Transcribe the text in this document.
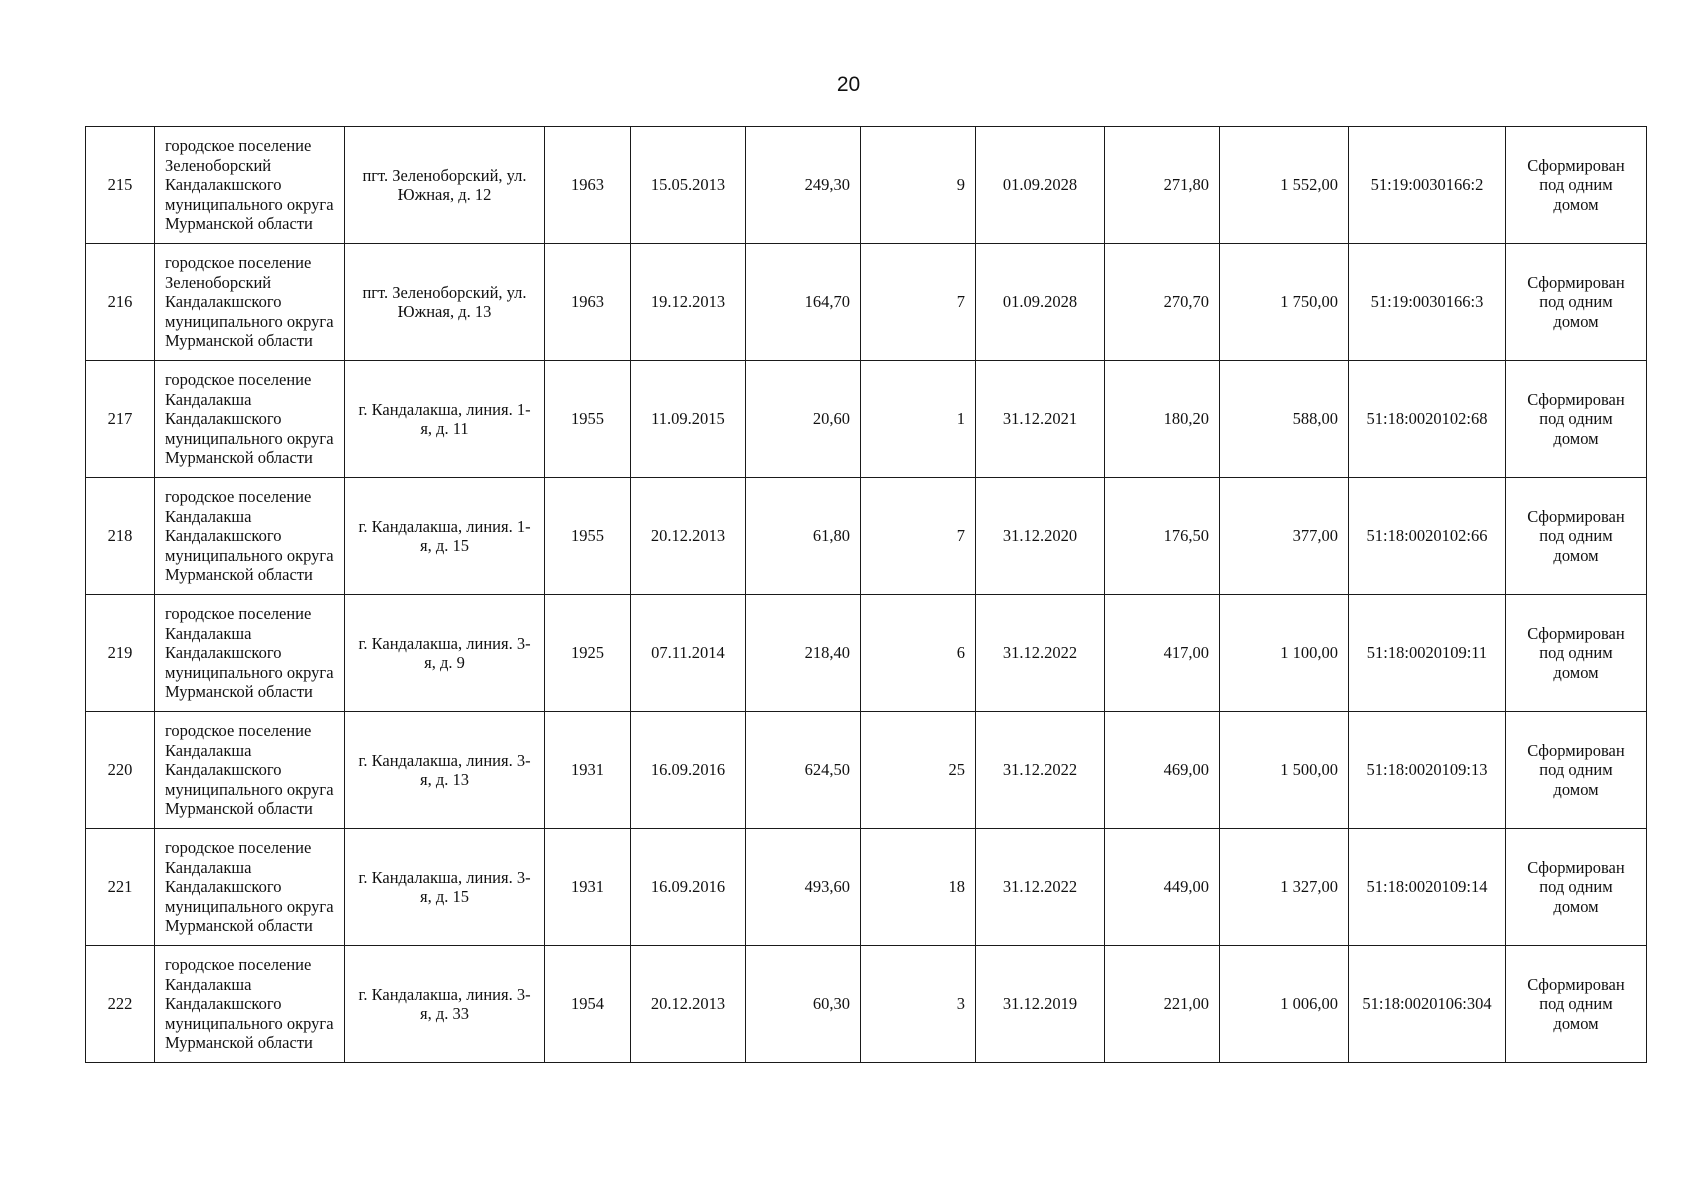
20
215	городское поселение Зеленоборский Кандалакшского муниципального округа Мурманской области	пгт. Зеленоборский, ул. Южная, д. 12	1963	15.05.2013	249,30	9	01.09.2028	271,80	1 552,00	51:19:0030166:2	Сформирован под одним домом
216	городское поселение Зеленоборский Кандалакшского муниципального округа Мурманской области	пгт. Зеленоборский, ул. Южная, д. 13	1963	19.12.2013	164,70	7	01.09.2028	270,70	1 750,00	51:19:0030166:3	Сформирован под одним домом
217	городское поселение Кандалакша Кандалакшского муниципального округа Мурманской области	г. Кандалакша, линия. 1-я, д. 11	1955	11.09.2015	20,60	1	31.12.2021	180,20	588,00	51:18:0020102:68	Сформирован под одним домом
218	городское поселение Кандалакша Кандалакшского муниципального округа Мурманской области	г. Кандалакша, линия. 1-я, д. 15	1955	20.12.2013	61,80	7	31.12.2020	176,50	377,00	51:18:0020102:66	Сформирован под одним домом
219	городское поселение Кандалакша Кандалакшского муниципального округа Мурманской области	г. Кандалакша, линия. 3-я, д. 9	1925	07.11.2014	218,40	6	31.12.2022	417,00	1 100,00	51:18:0020109:11	Сформирован под одним домом
220	городское поселение Кандалакша Кандалакшского муниципального округа Мурманской области	г. Кандалакша, линия. 3-я, д. 13	1931	16.09.2016	624,50	25	31.12.2022	469,00	1 500,00	51:18:0020109:13	Сформирован под одним домом
221	городское поселение Кандалакша Кандалакшского муниципального округа Мурманской области	г. Кандалакша, линия. 3-я, д. 15	1931	16.09.2016	493,60	18	31.12.2022	449,00	1 327,00	51:18:0020109:14	Сформирован под одним домом
222	городское поселение Кандалакша Кандалакшского муниципального округа Мурманской области	г. Кандалакша, линия. 3-я, д. 33	1954	20.12.2013	60,30	3	31.12.2019	221,00	1 006,00	51:18:0020106:304	Сформирован под одним домом
